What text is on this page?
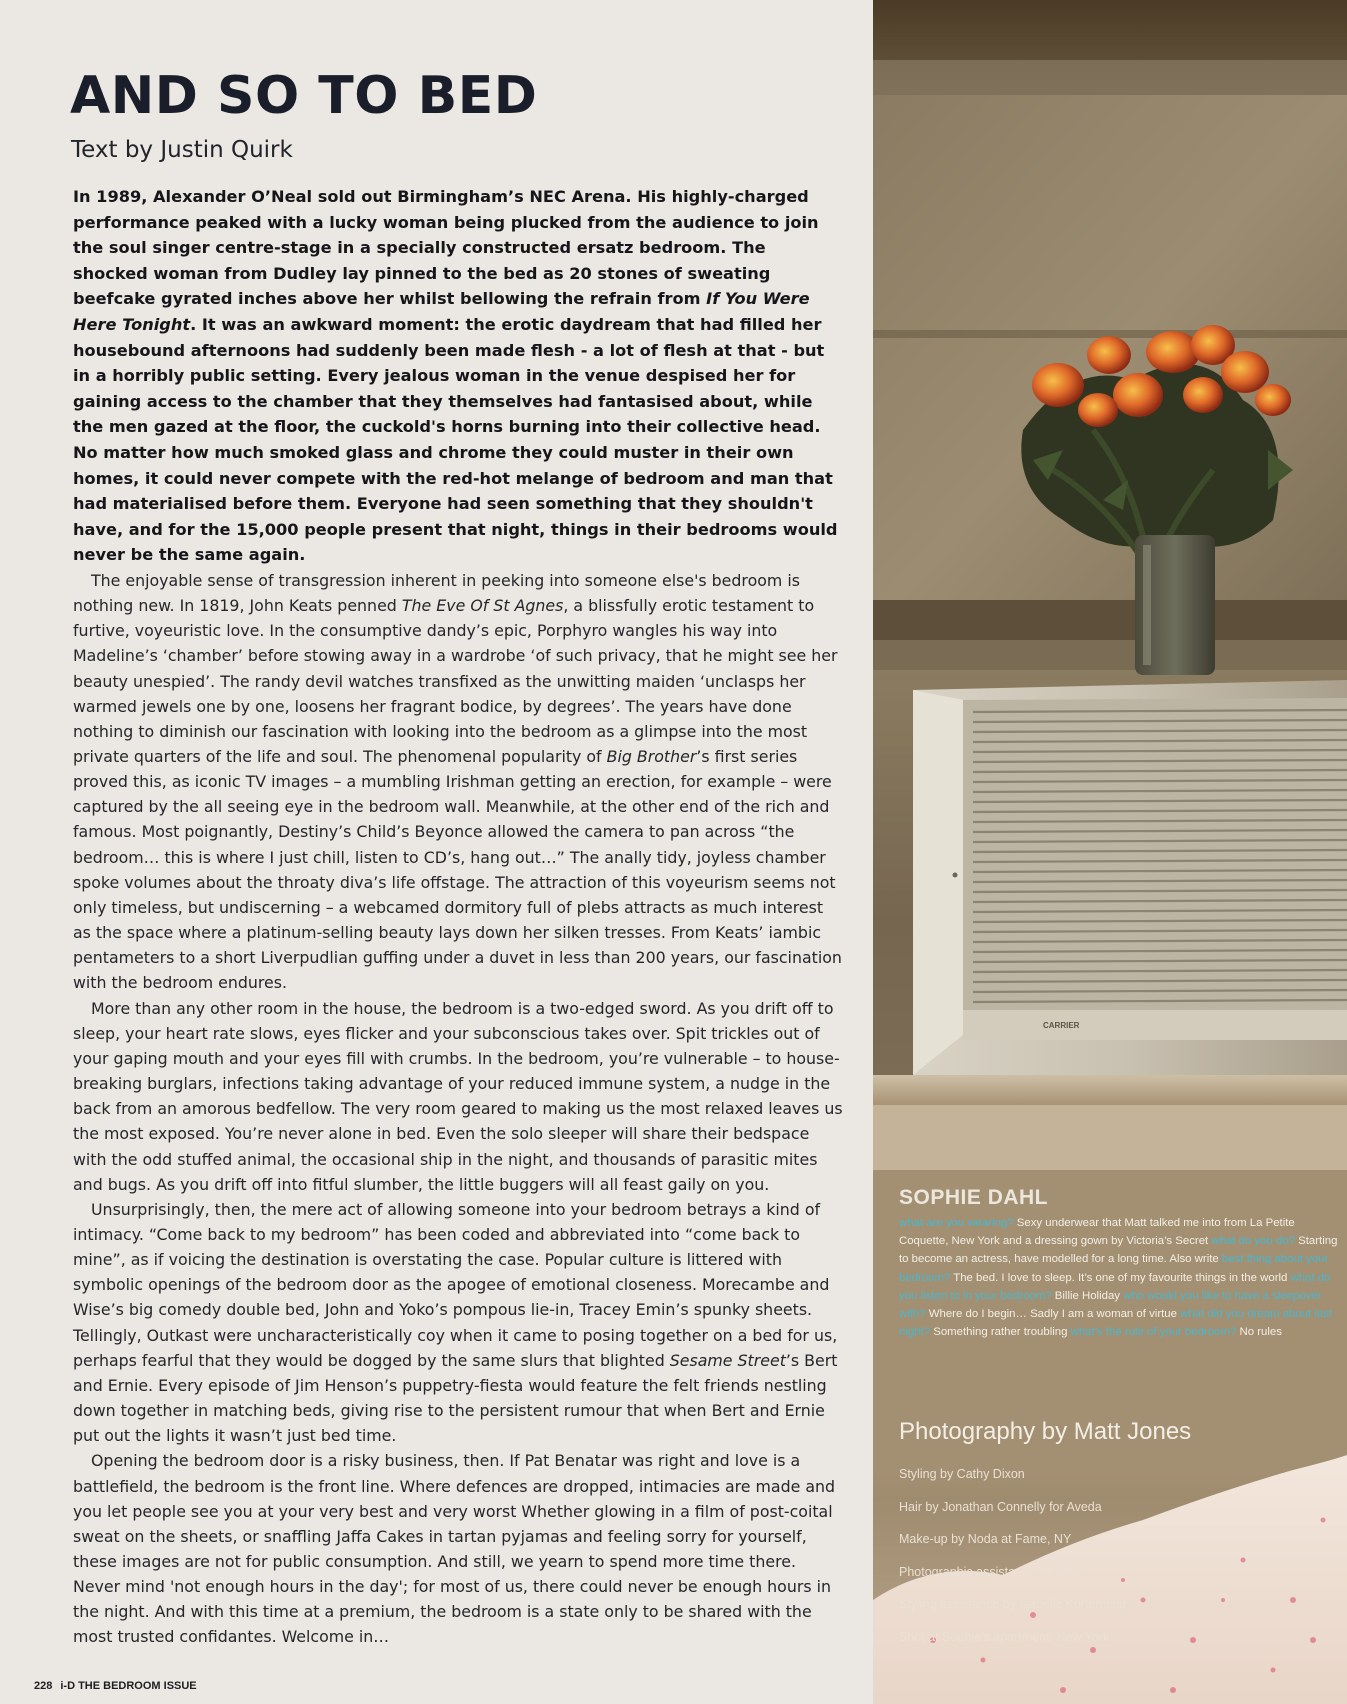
AND SO TO BED

Text by Justin Quirk

In 1989, Alexander O’Neal sold out Birmingham’s NEC Arena. His highly-charged performance peaked with a lucky woman being plucked from the audience to join the soul singer centre-stage in a specially constructed ersatz bedroom. The shocked woman from Dudley lay pinned to the bed as 20 stones of sweating beefcake gyrated inches above her whilst bellowing the refrain from If You Were Here Tonight. It was an awkward moment: the erotic daydream that had filled her housebound afternoons had suddenly been made flesh - a lot of flesh at that - but in a horribly public setting. Every jealous woman in the venue despised her for gaining access to the chamber that they themselves had fantasised about, while the men gazed at the floor, the cuckold's horns burning into their collective head. No matter how much smoked glass and chrome they could muster in their own homes, it could never compete with the red-hot melange of bedroom and man that had materialised before them. Everyone had seen something that they shouldn't have, and for the 15,000 people present that night, things in their bedrooms would never be the same again.

The enjoyable sense of transgression inherent in peeking into someone else's bedroom is nothing new. In 1819, John Keats penned The Eve Of St Agnes, a blissfully erotic testament to furtive, voyeuristic love. In the consumptive dandy’s epic, Porphyro wangles his way into Madeline’s ‘chamber’ before stowing away in a wardrobe ‘of such privacy, that he might see her beauty unespied’. The randy devil watches transfixed as the unwitting maiden ‘unclasps her warmed jewels one by one, loosens her fragrant bodice, by degrees’. The years have done nothing to diminish our fascination with looking into the bedroom as a glimpse into the most private quarters of the life and soul. The phenomenal popularity of Big Brother’s first series proved this, as iconic TV images – a mumbling Irishman getting an erection, for example – were captured by the all seeing eye in the bedroom wall. Meanwhile, at the other end of the rich and famous. Most poignantly, Destiny’s Child’s Beyonce allowed the camera to pan across “the bedroom… this is where I just chill, listen to CD’s, hang out…” The anally tidy, joyless chamber spoke volumes about the throaty diva’s life offstage. The attraction of this voyeurism seems not only timeless, but undiscerning – a webcamed dormitory full of plebs attracts as much interest as the space where a platinum-selling beauty lays down her silken tresses. From Keats’ iambic pentameters to a short Liverpudlian guffing under a duvet in less than 200 years, our fascination with the bedroom endures.

More than any other room in the house, the bedroom is a two-edged sword. As you drift off to sleep, your heart rate slows, eyes flicker and your subconscious takes over. Spit trickles out of your gaping mouth and your eyes fill with crumbs. In the bedroom, you’re vulnerable – to house-breaking burglars, infections taking advantage of your reduced immune system, a nudge in the back from an amorous bedfellow. The very room geared to making us the most relaxed leaves us the most exposed. You’re never alone in bed. Even the solo sleeper will share their bedspace with the odd stuffed animal, the occasional ship in the night, and thousands of parasitic mites and bugs. As you drift off into fitful slumber, the little buggers will all feast gaily on you.

Unsurprisingly, then, the mere act of allowing someone into your bedroom betrays a kind of intimacy. “Come back to my bedroom” has been coded and abbreviated into “come back to mine”, as if voicing the destination is overstating the case. Popular culture is littered with symbolic openings of the bedroom door as the apogee of emotional closeness. Morecambe and Wise’s big comedy double bed, John and Yoko’s pompous lie-in, Tracey Emin’s spunky sheets. Tellingly, Outkast were uncharacteristically coy when it came to posing together on a bed for us, perhaps fearful that they would be dogged by the same slurs that blighted Sesame Street’s Bert and Ernie. Every episode of Jim Henson’s puppetry-fiesta would feature the felt friends nestling down together in matching beds, giving rise to the persistent rumour that when Bert and Ernie put out the lights it wasn’t just bed time.

Opening the bedroom door is a risky business, then. If Pat Benatar was right and love is a battlefield, the bedroom is the front line. Where defences are dropped, intimacies are made and you let people see you at your very best and very worst Whether glowing in a film of post-coital sweat on the sheets, or snaffling Jaffa Cakes in tartan pyjamas and feeling sorry for yourself, these images are not for public consumption. And still, we yearn to spend more time there. Never mind 'not enough hours in the day'; for most of us, there could never be enough hours in the night. And with this time at a premium, the bedroom is a state only to be shared with the most trusted confidantes. Welcome in…

228 i-D THE BEDROOM ISSUE

CARRIER

SOPHIE DAHL

what are you wearing? Sexy underwear that Matt talked me into from La Petite Coquette, New York and a dressing gown by Victoria’s Secret what do you do? Starting to become an actress, have modelled for a long time. Also write best thing about your bedroom? The bed. I love to sleep. It’s one of my favourite things in the world what do you listen to in your bedroom? Billie Holiday who would you like to have a sleepover with? Where do I begin… Sadly I am a woman of virtue what did you dream about last night? Something rather troubling what’s the rule of your bedroom? No rules

Photography by Matt Jones

Styling by Cathy Dixon
Hair by Jonathan Connelly for Aveda
Make-up by Noda at Fame, NY
Photographic assistance by Brian
Styling assistance by Isabelle Kortemeier
Shot at Sophie’s apartment, New York
